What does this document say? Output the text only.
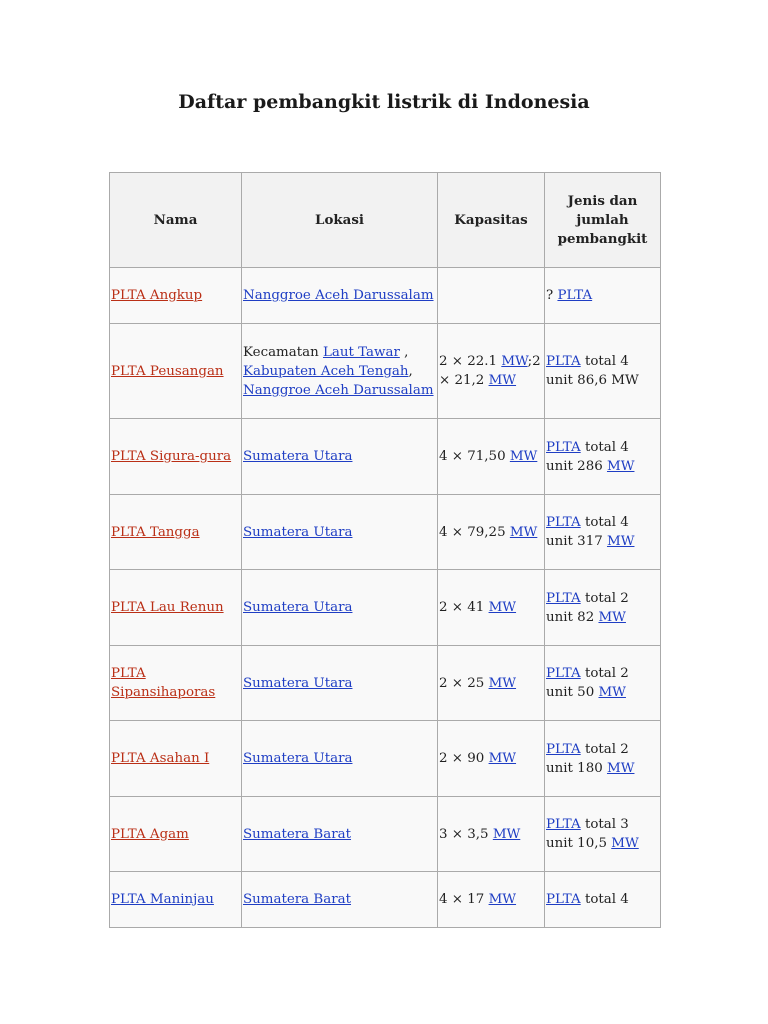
Daftar pembangkit listrik di Indonesia
Nama	Lokasi	Kapasitas	Jenis dan jumlah pembangkit
PLTA Angkup	Nanggroe Aceh Darussalam		? PLTA
PLTA Peusangan	Kecamatan Laut Tawar , Kabupaten Aceh Tengah, Nanggroe Aceh Darussalam	2 × 22.1 MW;2 × 21,2 MW	PLTA total 4 unit 86,6 MW
PLTA Sigura-gura	Sumatera Utara	4 × 71,50 MW	PLTA total 4 unit 286 MW
PLTA Tangga	Sumatera Utara	4 × 79,25 MW	PLTA total 4 unit 317 MW
PLTA Lau Renun	Sumatera Utara	2 × 41 MW	PLTA total 2 unit 82 MW
PLTA Sipansihaporas	Sumatera Utara	2 × 25 MW	PLTA total 2 unit 50 MW
PLTA Asahan I	Sumatera Utara	2 × 90 MW	PLTA total 2 unit 180 MW
PLTA Agam	Sumatera Barat	3 × 3,5 MW	PLTA total 3 unit 10,5 MW
PLTA Maninjau	Sumatera Barat	4 × 17 MW	PLTA total 4
